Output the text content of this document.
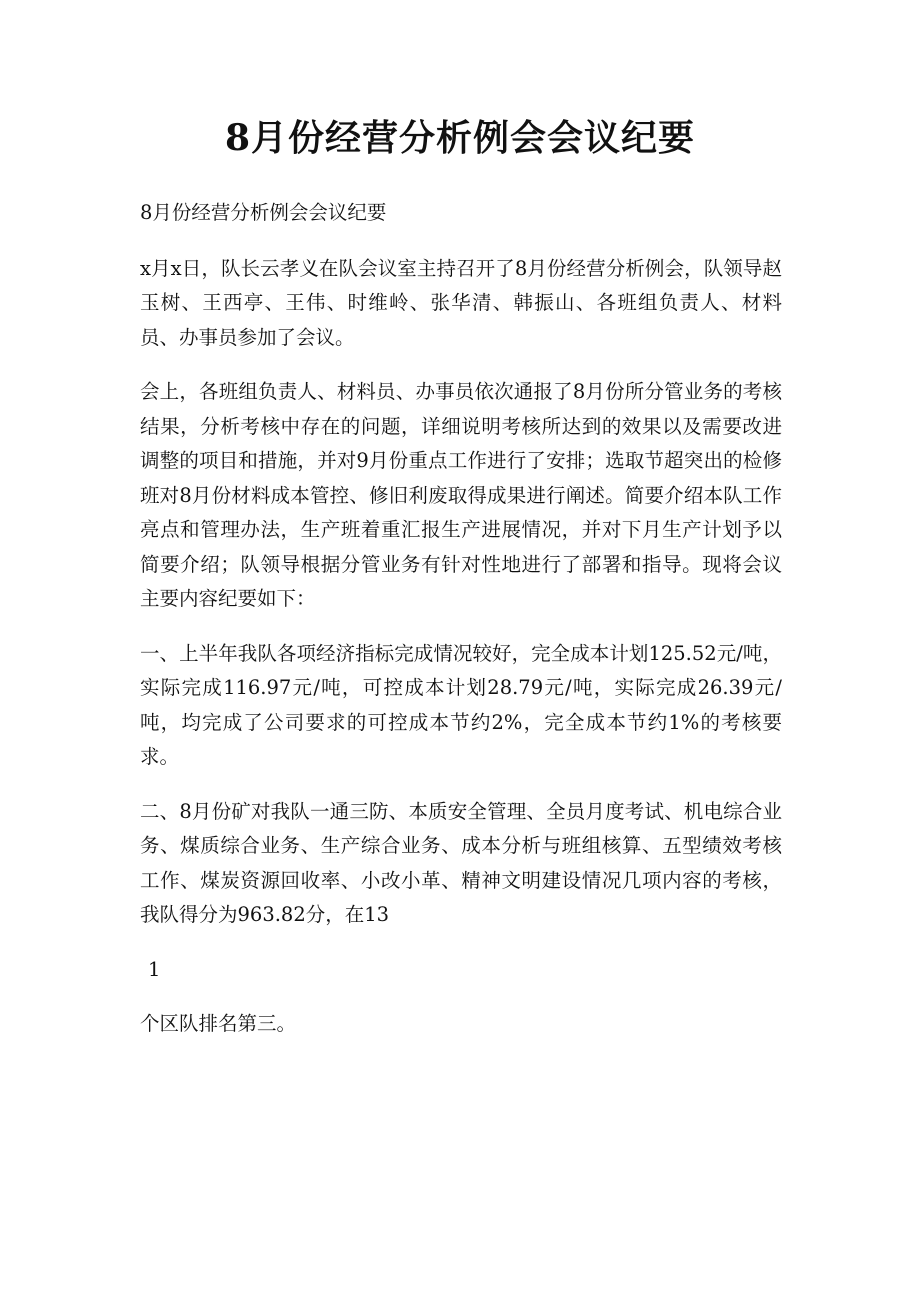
8月份经营分析例会会议纪要

8月份经营分析例会会议纪要

x月x日，队长云孝义在队会议室主持召开了8月份经营分析例会，队领导赵玉树、王西亭、王伟、时维岭、张华清、韩振山、各班组负责人、材料员、办事员参加了会议。

会上，各班组负责人、材料员、办事员依次通报了8月份所分管业务的考核结果，分析考核中存在的问题，详细说明考核所达到的效果以及需要改进调整的项目和措施，并对9月份重点工作进行了安排；选取节超突出的检修班对8月份材料成本管控、修旧利废取得成果进行阐述。简要介绍本队工作亮点和管理办法，生产班着重汇报生产进展情况，并对下月生产计划予以简要介绍；队领导根据分管业务有针对性地进行了部署和指导。现将会议主要内容纪要如下：

一、上半年我队各项经济指标完成情况较好，完全成本计划125.52元/吨，实际完成116.97元/吨，可控成本计划28.79元/吨，实际完成26.39元/吨，均完成了公司要求的可控成本节约2%，完全成本节约1%的考核要求。

二、8月份矿对我队一通三防、本质安全管理、全员月度考试、机电综合业务、煤质综合业务、生产综合业务、成本分析与班组核算、五型绩效考核工作、煤炭资源回收率、小改小革、精神文明建设情况几项内容的考核，我队得分为963.82分，在13

1

个区队排名第三。
